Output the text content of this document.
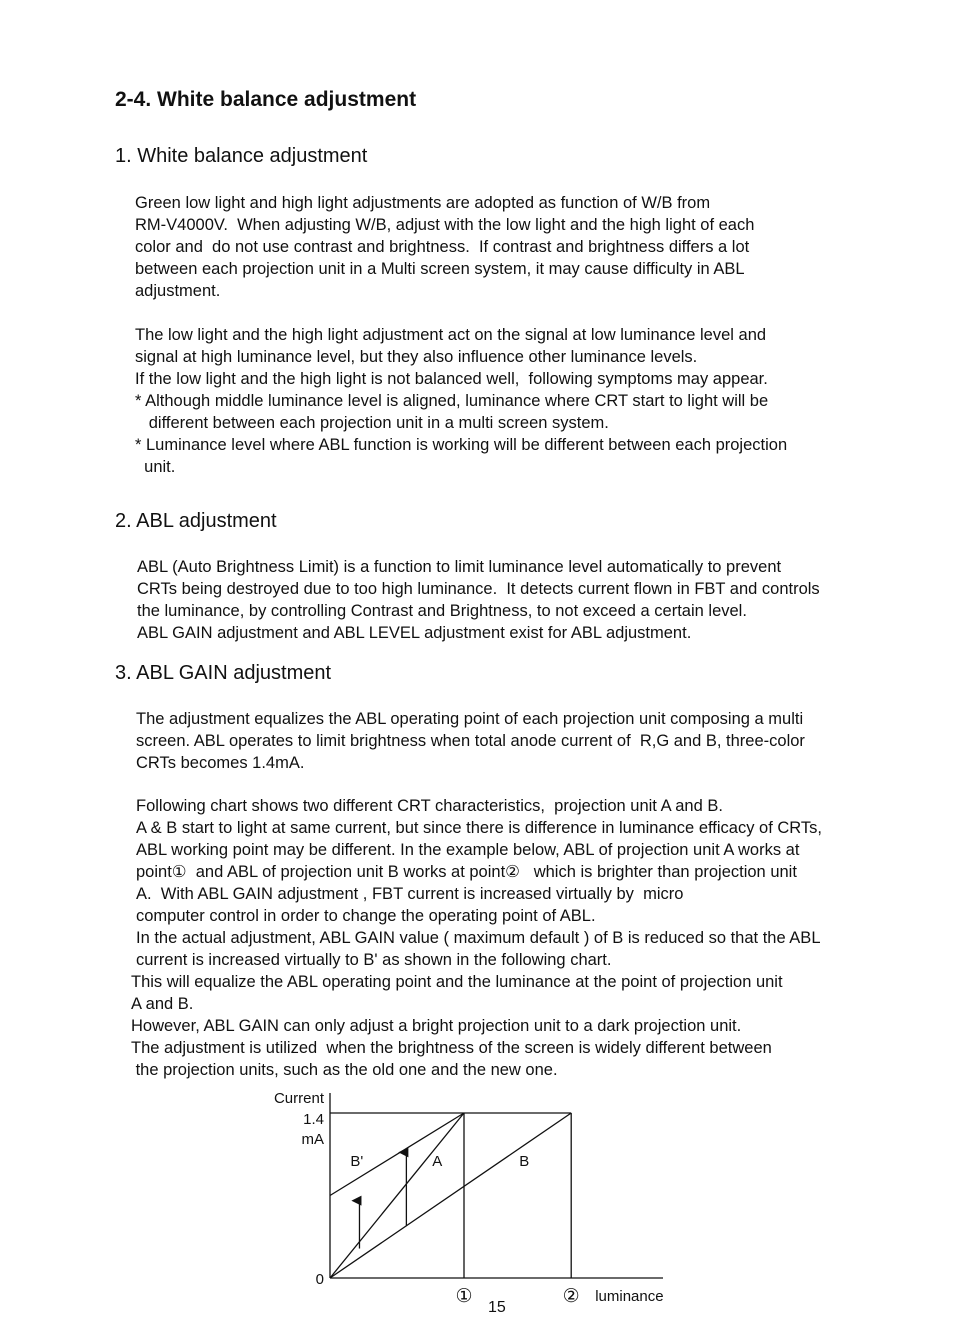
2-4. White balance adjustment
1. White balance adjustment

Green low light and high light adjustments are adopted as function of W/B from
RM-V4000V.  When adjusting W/B, adjust with the low light and the high light of each
color and  do not use contrast and brightness.  If contrast and brightness differs a lot
between each projection unit in a Multi screen system, it may cause difficulty in ABL
adjustment.

The low light and the high light adjustment act on the signal at low luminance level and
signal at high luminance level, but they also influence other luminance levels.
If the low light and the high light is not balanced well,  following symptoms may appear.
* Although middle luminance level is aligned, luminance where CRT start to light will be
different between each projection unit in a multi screen system.
* Luminance level where ABL function is working will be different between each projection
unit.

2. ABL adjustment

ABL (Auto Brightness Limit) is a function to limit luminance level automatically to prevent
CRTs being destroyed due to too high luminance.  It detects current flown in FBT and controls
the luminance, by controlling Contrast and Brightness, to not exceed a certain level.
ABL GAIN adjustment and ABL LEVEL adjustment exist for ABL adjustment.

3. ABL GAIN adjustment

The adjustment equalizes the ABL operating point of each projection unit composing a multi
screen. ABL operates to limit brightness when total anode current of  R,G and B, three-color
CRTs becomes 1.4mA.

Following chart shows two different CRT characteristics,  projection unit A and B.
A & B start to light at same current, but since there is difference in luminance efficacy of CRTs,
ABL working point may be different. In the example below, ABL of projection unit A works at
point①  and ABL of projection unit B works at point②   which is brighter than projection unit
A.  With ABL GAIN adjustment , FBT current is increased virtually by  micro
computer control in order to change the operating point of ABL.
In the actual adjustment, ABL GAIN value ( maximum default ) of B is reduced so that the ABL
current is increased virtually to B' as shown in the following chart.

This will equalize the ABL operating point and the luminance at the point of projection unit
A and B.
However, ABL GAIN can only adjust a bright projection unit to a dark projection unit.
The adjustment is utilized  when the brightness of the screen is widely different between
the projection units, such as the old one and the new one.

B'	A	B
Current
1.4
mA
0
①	② luminance
15
